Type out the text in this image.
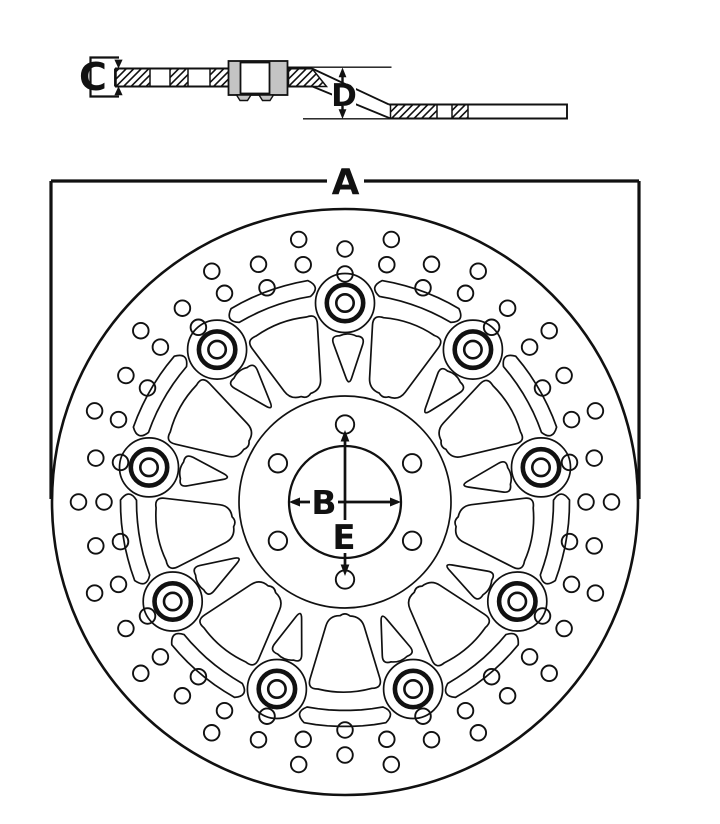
C	D
A
B
E
